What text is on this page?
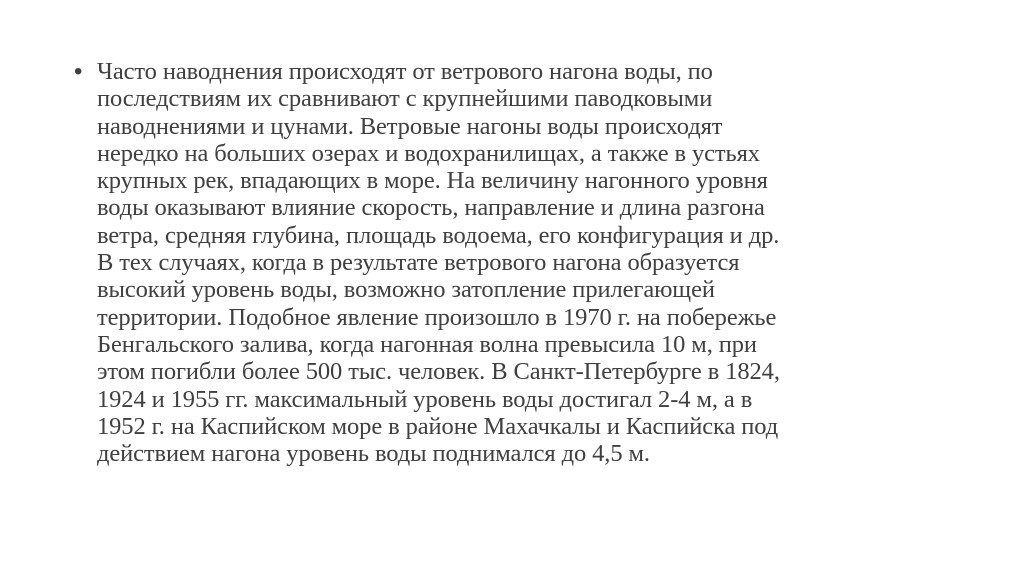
• Часто наводнения происходят от ветрового нагона воды, по
последствиям их сравнивают с крупнейшими паводковыми
наводнениями и цунами. Ветровые нагоны воды происходят
нередко на больших озерах и водохранилищах, а также в устьях
крупных рек, впадающих в море. На величину нагонного уровня
воды оказывают влияние скорость, направление и длина разгона
ветра, средняя глубина, площадь водоема, его конфигурация и др.
В тех случаях, когда в результате ветрового нагона образуется
высокий уровень воды, возможно затопление прилегающей
территории. Подобное явление произошло в 1970 г. на побережье
Бенгальского залива, когда нагонная волна превысила 10 м, при
этом погибли более 500 тыс. человек. В Санкт-Петербурге в 1824,
1924 и 1955 гг. максимальный уровень воды достигал 2-4 м, а в
1952 г. на Каспийском море в районе Махачкалы и Каспийска под
действием нагона уровень воды поднимался до 4,5 м.
